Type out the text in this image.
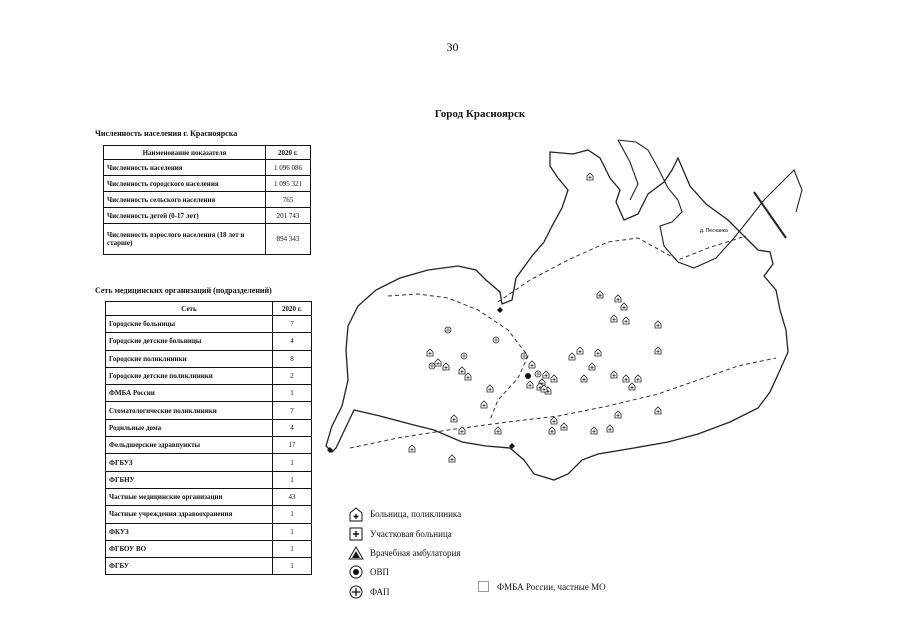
30
Город Красноярск
Численность населения г. Красноярска
Наименование показателя	2020 г.
Численность населения	1 096 086
Численность городского населения	1 095 321
Численность сельского населения	765
Численность детей (0-17 лет)	201 743
Численность взрослого населения (18 лет и старше)	894 343
Сеть медицинских организаций (подразделений)
Сеть	2020 г.
Городские больницы	7
Городские детские больницы	4
Городские поликлиники	8
Городские детские поликлиники	2
ФМБА России	1
Стоматологические поликлиники	7
Родильные дома	4
Фельдшерские здравпункты	17
ФГБУЗ	1
ФГБНУ	1
Частные медицинские организации	43
Частные учреждения здравоохранения	1
ФКУЗ	1
ФГБОУ ВО	1
ФГБУ	1
д. Песчанка
Больница, поликлиника
Участковая больница
Врачебная амбулатория
ОВП
ФАП
ФМБА России, частные МО
